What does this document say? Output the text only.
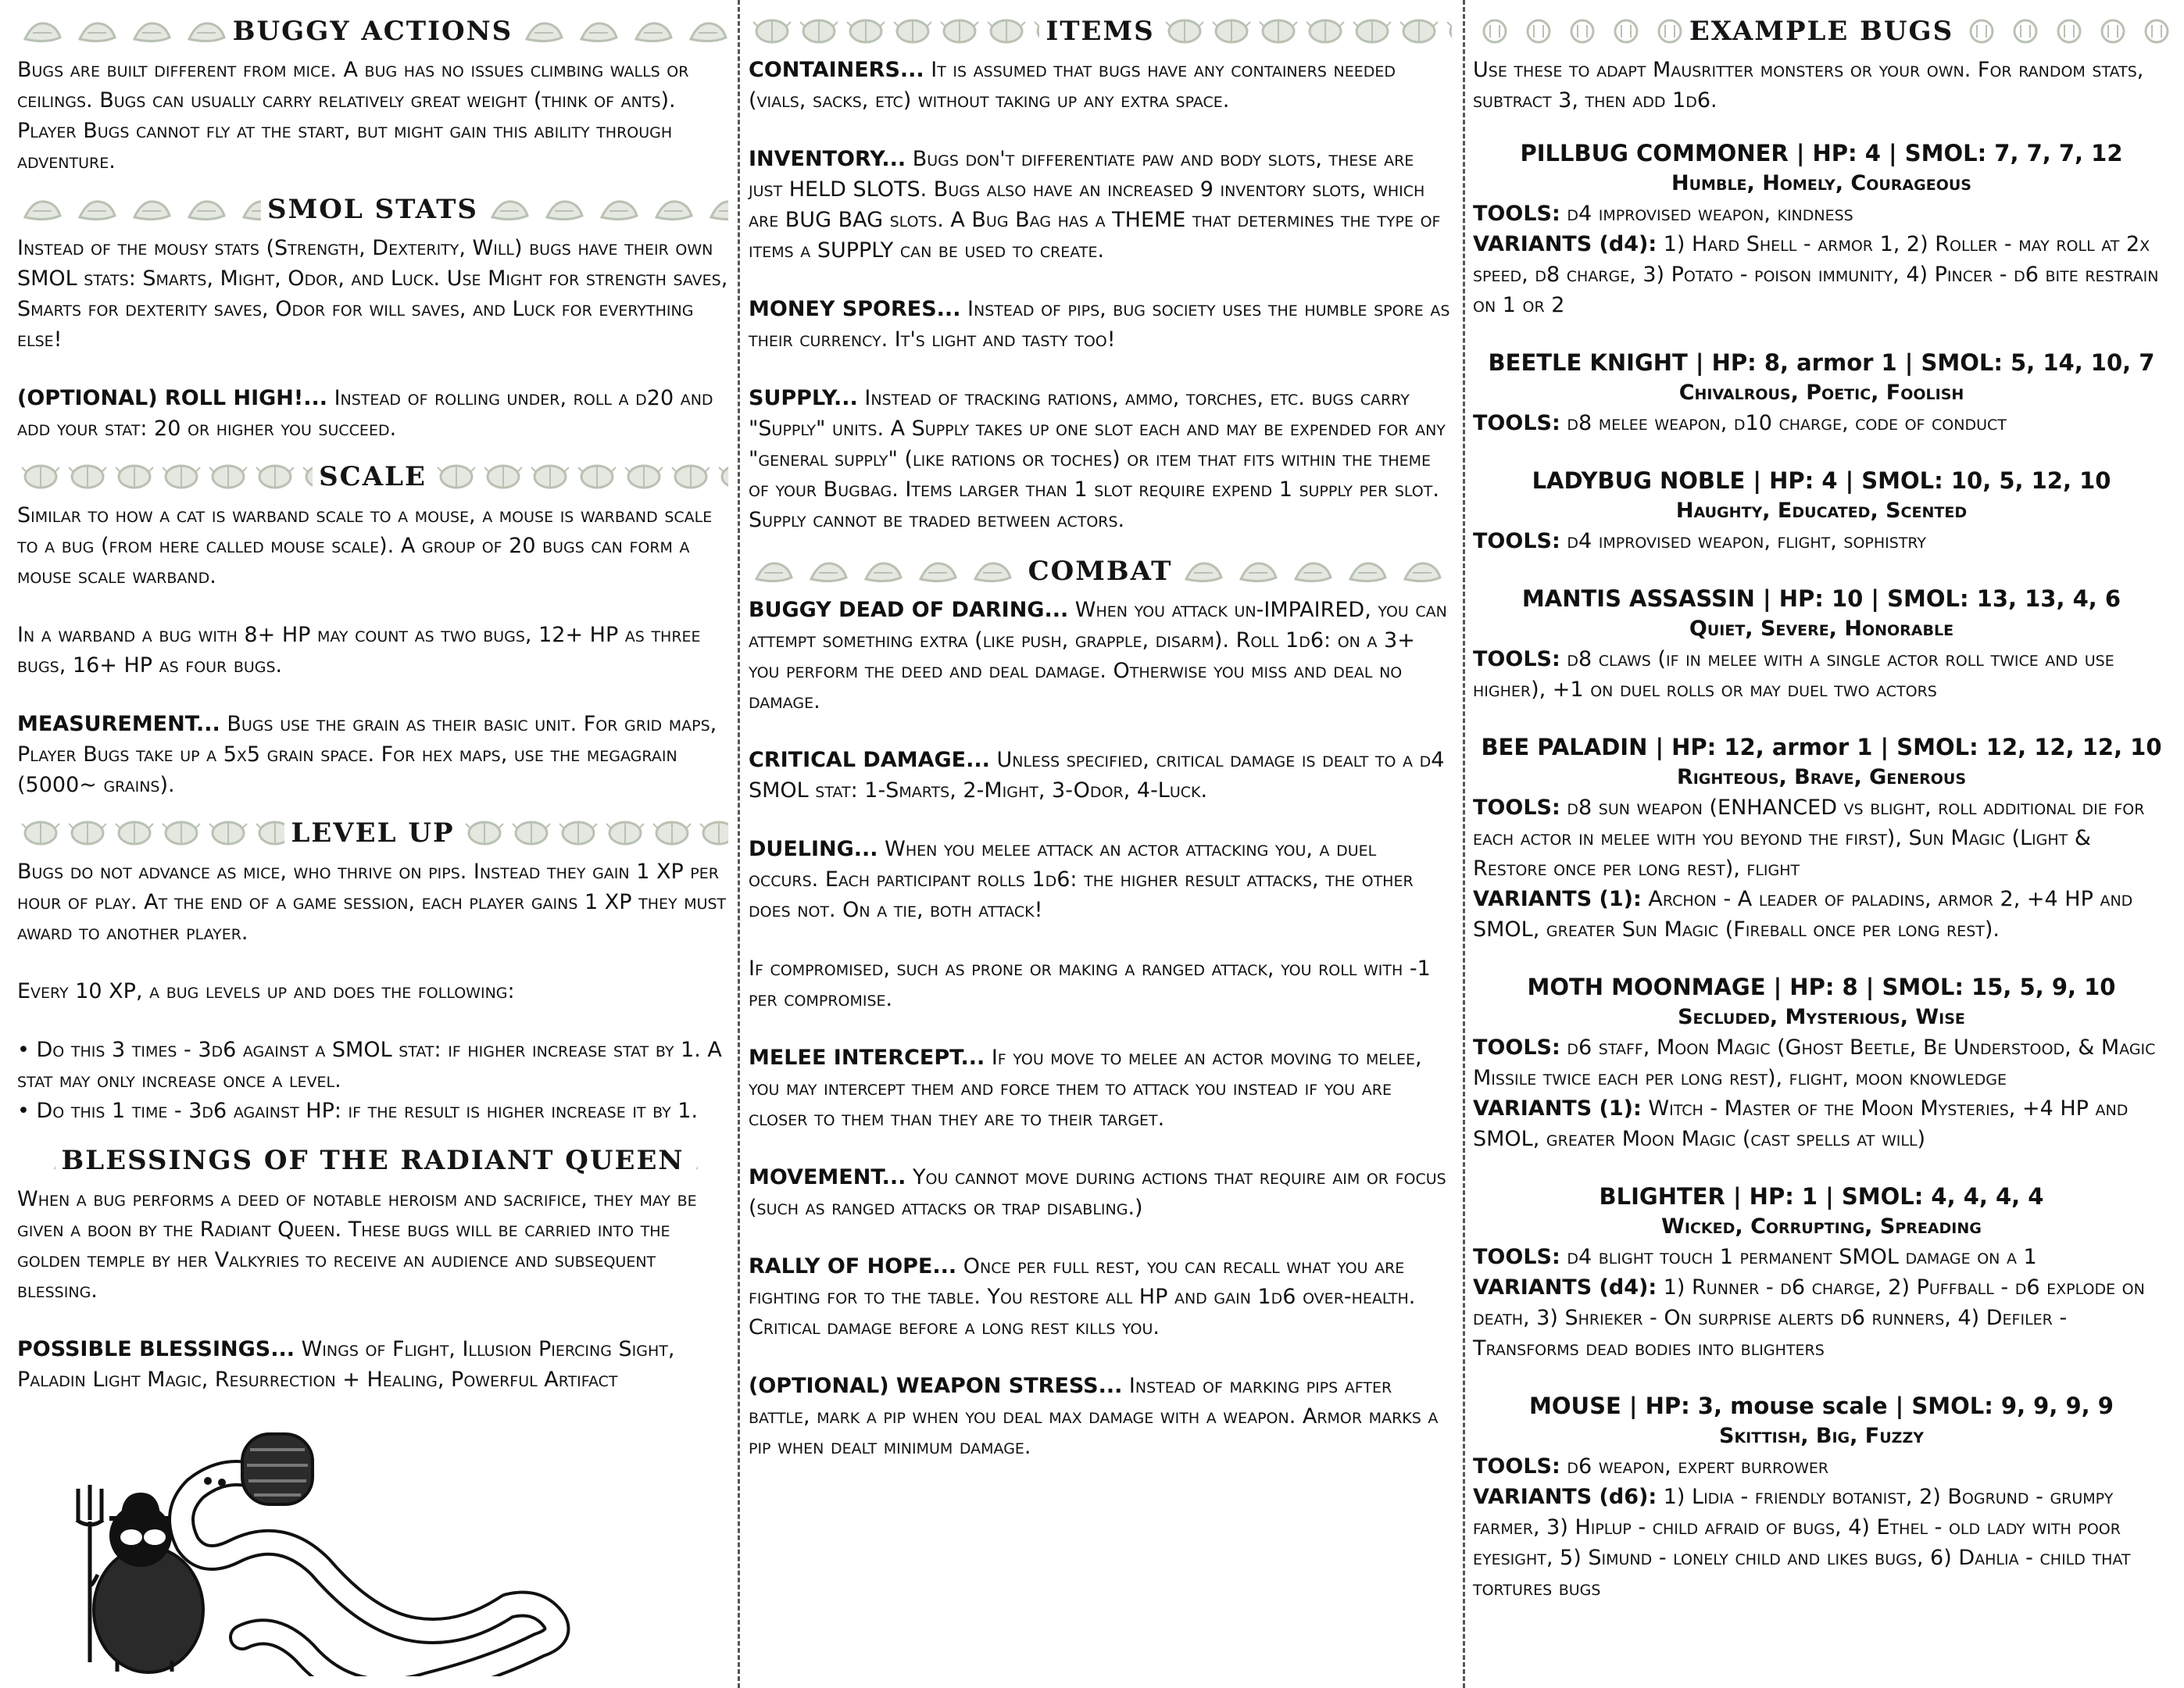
BUGGY ACTIONS

Bugs are built different from mice. A bug has no issues climbing walls or ceilings. Bugs can usually carry relatively great weight (think of ants). Player Bugs cannot fly at the start, but might gain this ability through adventure.

SMOL STATS

Instead of the mousy stats (Strength, Dexterity, Will) bugs have their own SMOL stats: Smarts, Might, Odor, and Luck. Use Might for strength saves, Smarts for dexterity saves, Odor for will saves, and Luck for everything else!

(OPTIONAL) ROLL HIGH!... Instead of rolling under, roll a d20 and add your stat: 20 or higher you succeed.

SCALE

Similar to how a cat is warband scale to a mouse, a mouse is warband scale to a bug (from here called mouse scale). A group of 20 bugs can form a mouse scale warband.

In a warband a bug with 8+ HP may count as two bugs, 12+ HP as three bugs, 16+ HP as four bugs.

MEASUREMENT... Bugs use the grain as their basic unit. For grid maps, Player Bugs take up a 5x5 grain space. For hex maps, use the megagrain (5000~ grains).

LEVEL UP

Bugs do not advance as mice, who thrive on pips. Instead they gain 1 XP per hour of play. At the end of a game session, each player gains 1 XP they must award to another player.

Every 10 XP, a bug levels up and does the following:

• Do this 3 times - 3d6 against a SMOL stat: if higher increase stat by 1. A stat may only increase once a level.

• Do this 1 time - 3d6 against HP: if the result is higher increase it by 1.

BLESSINGS OF THE RADIANT QUEEN

When a bug performs a deed of notable heroism and sacrifice, they may be given a boon by the Radiant Queen. These bugs will be carried into the golden temple by her Valkyries to receive an audience and subsequent blessing.

POSSIBLE BLESSINGS... Wings of Flight, Illusion Piercing Sight, Paladin Light Magic, Resurrection + Healing, Powerful Artifact

ITEMS

CONTAINERS... It is assumed that bugs have any containers needed (vials, sacks, etc) without taking up any extra space.

INVENTORY... Bugs don't differentiate paw and body slots, these are just HELD SLOTS. Bugs also have an increased 9 inventory slots, which are BUG BAG slots. A Bug Bag has a THEME that determines the type of items a SUPPLY can be used to create.

MONEY SPORES... Instead of pips, bug society uses the humble spore as their currency. It's light and tasty too!

SUPPLY... Instead of tracking rations, ammo, torches, etc. bugs carry "Supply" units. A Supply takes up one slot each and may be expended for any "general supply" (like rations or toches) or item that fits within the theme of your Bugbag. Items larger than 1 slot require expend 1 supply per slot. Supply cannot be traded between actors.

COMBAT

BUGGY DEAD OF DARING... When you attack un-IMPAIRED, you can attempt something extra (like push, grapple, disarm). Roll 1d6: on a 3+ you perform the deed and deal damage. Otherwise you miss and deal no damage.

CRITICAL DAMAGE... Unless specified, critical damage is dealt to a d4 SMOL stat: 1-Smarts, 2-Might, 3-Odor, 4-Luck.

DUELING... When you melee attack an actor attacking you, a duel occurs. Each participant rolls 1d6: the higher result attacks, the other does not. On a tie, both attack!

If compromised, such as prone or making a ranged attack, you roll with -1 per compromise.

MELEE INTERCEPT... If you move to melee an actor moving to melee, you may intercept them and force them to attack you instead if you are closer to them than they are to their target.

MOVEMENT... You cannot move during actions that require aim or focus (such as ranged attacks or trap disabling.)

RALLY OF HOPE... Once per full rest, you can recall what you are fighting for to the table. You restore all HP and gain 1d6 over-health. Critical damage before a long rest kills you.

(OPTIONAL) WEAPON STRESS... Instead of marking pips after battle, mark a pip when you deal max damage with a weapon. Armor marks a pip when dealt minimum damage.

EXAMPLE BUGS

Use these to adapt Mausritter monsters or your own. For random stats, subtract 3, then add 1d6.

PILLBUG COMMONER | HP: 4 | SMOL: 7, 7, 7, 12
Humble, Homely, Courageous

TOOLS: d4 improvised weapon, kindness

VARIANTS (d4): 1) Hard Shell - armor 1, 2) Roller - may roll at 2x speed, d8 charge, 3) Potato - poison immunity, 4) Pincer - d6 bite restrain on 1 or 2

BEETLE KNIGHT | HP: 8, armor 1 | SMOL: 5, 14, 10, 7
Chivalrous, Poetic, Foolish

TOOLS: d8 melee weapon, d10 charge, code of conduct

LADYBUG NOBLE | HP: 4 | SMOL: 10, 5, 12, 10
Haughty, Educated, Scented

TOOLS: d4 improvised weapon, flight, sophistry

MANTIS ASSASSIN | HP: 10 | SMOL: 13, 13, 4, 6
Quiet, Severe, Honorable

TOOLS: d8 claws (if in melee with a single actor roll twice and use higher), +1 on duel rolls or may duel two actors

BEE PALADIN | HP: 12, armor 1 | SMOL: 12, 12, 12, 10
Righteous, Brave, Generous

TOOLS: d8 sun weapon (ENHANCED vs blight, roll additional die for each actor in melee with you beyond the first), Sun Magic (Light & Restore once per long rest), flight

VARIANTS (1): Archon - A leader of paladins, armor 2, +4 HP and SMOL, greater Sun Magic (Fireball once per long rest).

MOTH MOONMAGE | HP: 8 | SMOL: 15, 5, 9, 10
Secluded, Mysterious, Wise

TOOLS: d6 staff, Moon Magic (Ghost Beetle, Be Understood, & Magic Missile twice each per long rest), flight, moon knowledge

VARIANTS (1): Witch - Master of the Moon Mysteries, +4 HP and SMOL, greater Moon Magic (cast spells at will)

BLIGHTER | HP: 1 | SMOL: 4, 4, 4, 4
Wicked, Corrupting, Spreading

TOOLS: d4 blight touch 1 permanent SMOL damage on a 1

VARIANTS (d4): 1) Runner - d6 charge, 2) Puffball - d6 explode on death, 3) Shrieker - On surprise alerts d6 runners, 4) Defiler - Transforms dead bodies into blighters

MOUSE | HP: 3, mouse scale | SMOL: 9, 9, 9, 9
Skittish, Big, Fuzzy

TOOLS: d6 weapon, expert burrower

VARIANTS (d6): 1) Lidia - friendly botanist, 2) Bogrund - grumpy farmer, 3) Hiplup - child afraid of bugs, 4) Ethel - old lady with poor eyesight, 5) Simund - lonely child and likes bugs, 6) Dahlia - child that tortures bugs
